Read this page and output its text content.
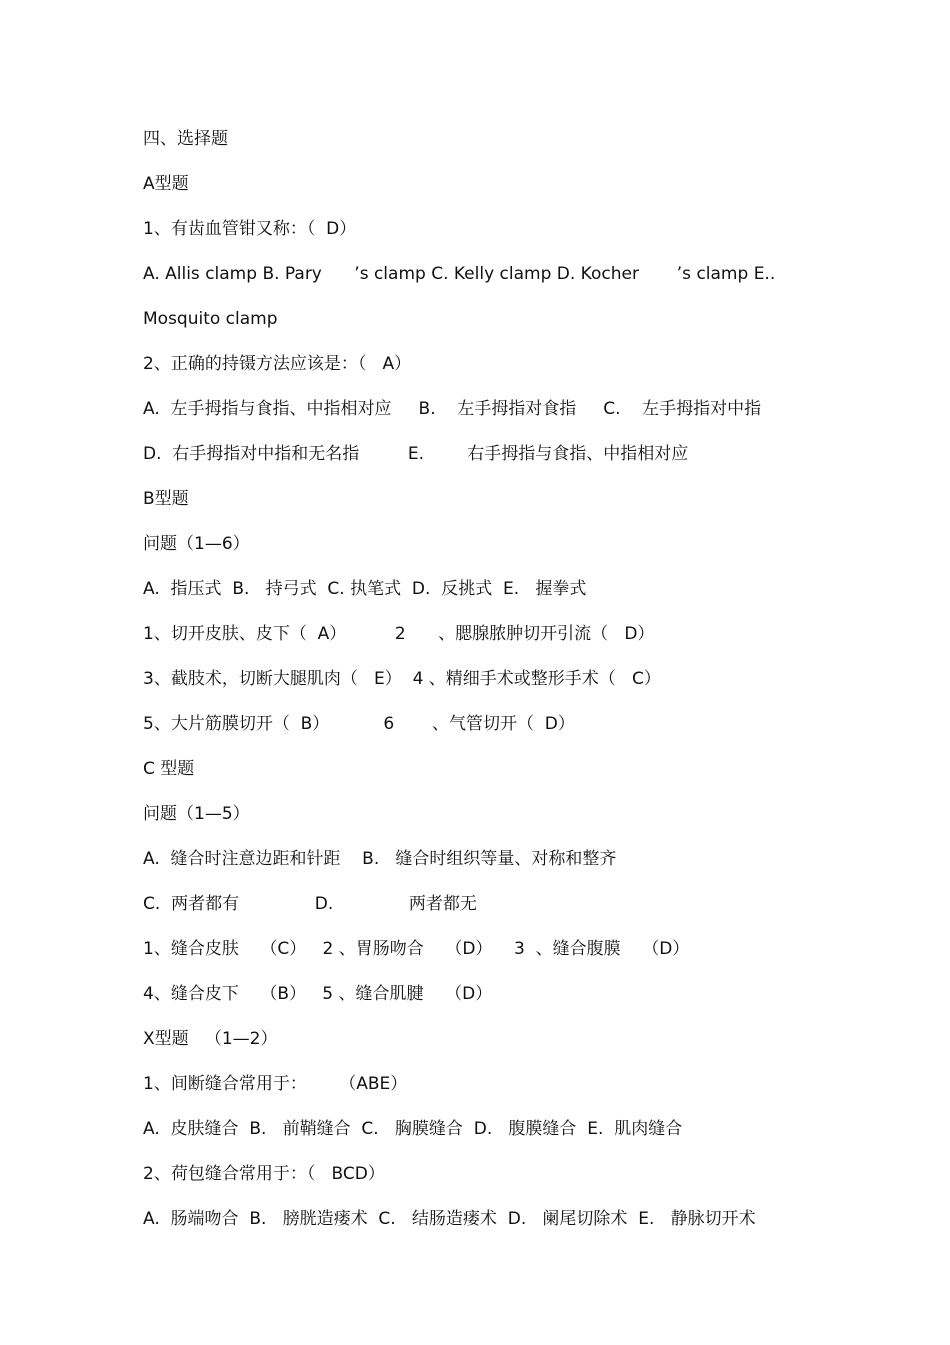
四、选择题
A型题
1、有齿血管钳又称：（  D）
A. Allis clamp B. Pary      ’s clamp C. Kelly clamp D. Kocher       ’s clamp E..
Mosquito clamp
2、正确的持镊方法应该是：（   A）
A.  左手拇指与食指、中指相对应     B.    左手拇指对食指     C.    左手拇指对中指
D.  右手拇指对中指和无名指         E.        右手拇指与食指、中指相对应
B型题
问题（1—6）
A.  指压式  B.   持弓式  C. 执笔式  D.  反挑式  E.   握拳式
1、切开皮肤、皮下（  A）         2      、腮腺脓肿切开引流（   D）
3、截肢术，切断大腿肌肉（   E）  4 、精细手术或整形手术（   C）
5、大片筋膜切开（  B）          6       、气管切开（  D）
C 型题
问题（1—5）
A.  缝合时注意边距和针距    B.   缝合时组织等量、对称和整齐
C.  两者都有              D.              两者都无
1、缝合皮肤    （C）   2 、胃肠吻合    （D）    3  、缝合腹膜    （D）
4、缝合皮下    （B）   5 、缝合肌腱    （D）
X型题   （1—2）
1、间断缝合常用于：      （ABE）
A.  皮肤缝合  B.   前鞘缝合  C.   胸膜缝合  D.   腹膜缝合  E.  肌肉缝合
2、荷包缝合常用于：（   BCD）
A.  肠端吻合  B.   膀胱造瘘术  C.   结肠造瘘术  D.   阑尾切除术  E.   静脉切开术
